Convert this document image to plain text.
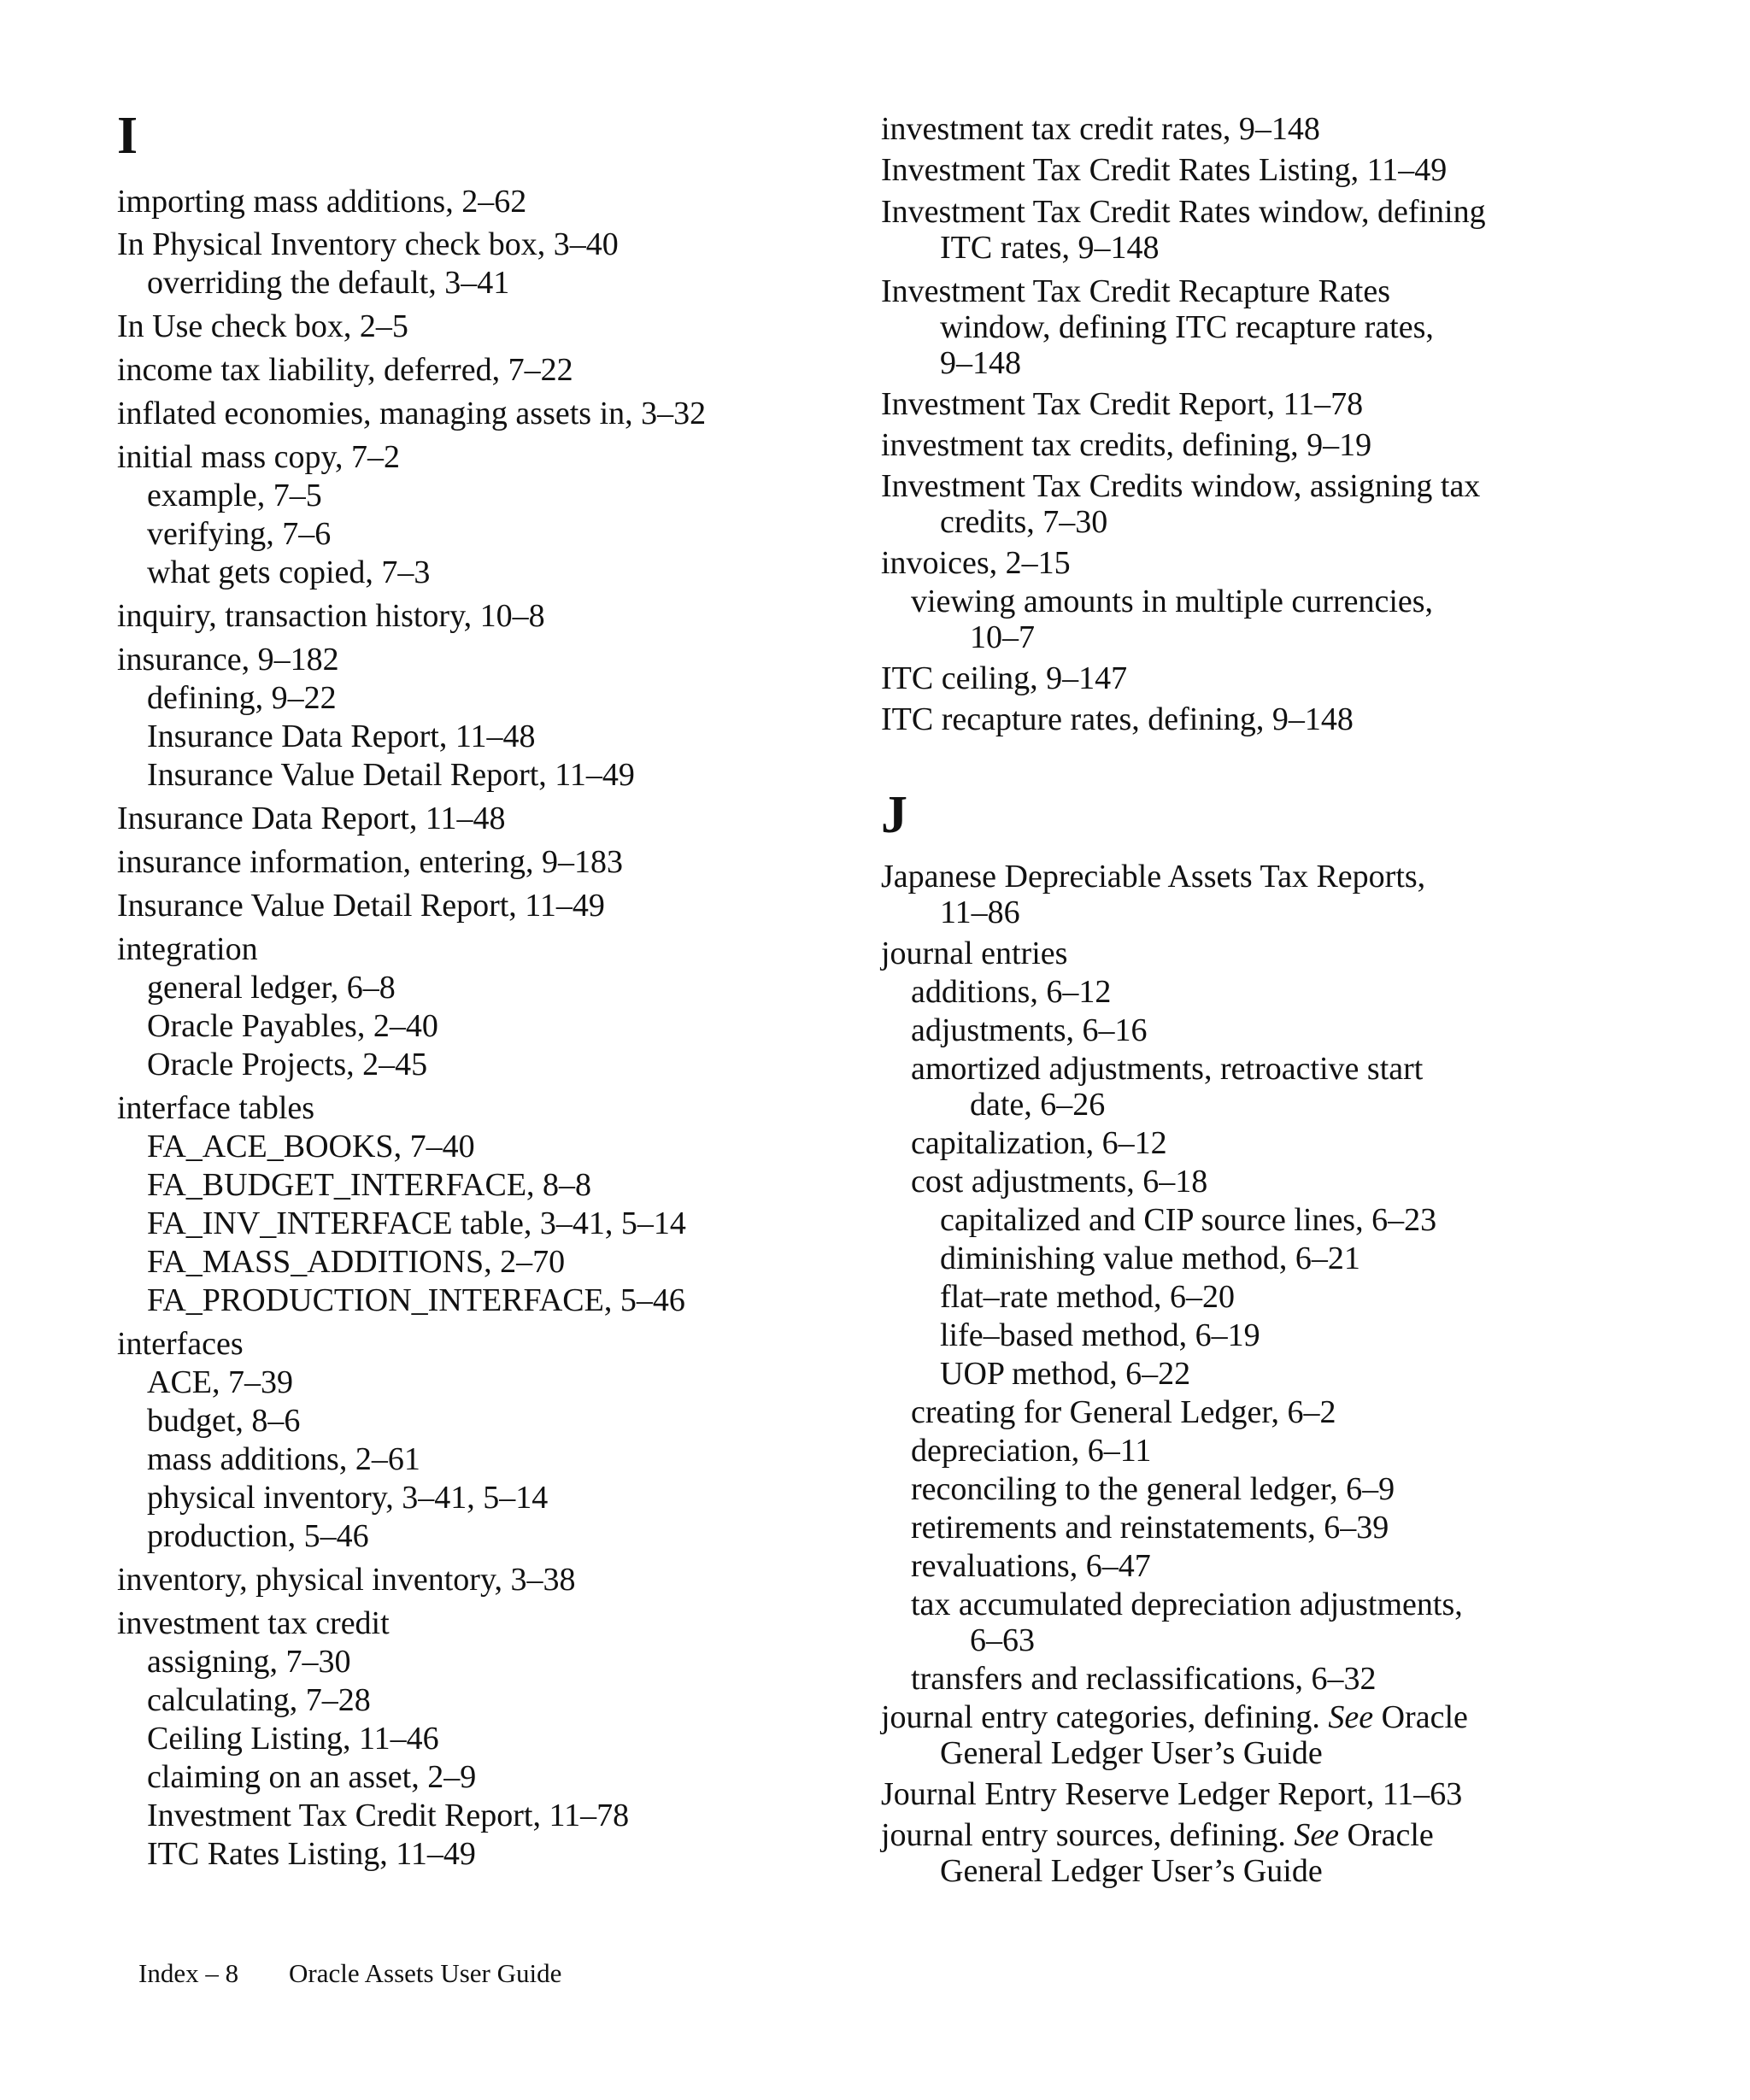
I
importing mass additions, 2–62
In Physical Inventory check box, 3–40
overriding the default, 3–41
In Use check box, 2–5
income tax liability, deferred, 7–22
inflated economies, managing assets in, 3–32
initial mass copy, 7–2
example, 7–5
verifying, 7–6
what gets copied, 7–3
inquiry, transaction history, 10–8
insurance, 9–182
defining, 9–22
Insurance Data Report, 11–48
Insurance Value Detail Report, 11–49
Insurance Data Report, 11–48
insurance information, entering, 9–183
Insurance Value Detail Report, 11–49
integration
general ledger, 6–8
Oracle Payables, 2–40
Oracle Projects, 2–45
interface tables
FA_ACE_BOOKS, 7–40
FA_BUDGET_INTERFACE, 8–8
FA_INV_INTERFACE table, 3–41, 5–14
FA_MASS_ADDITIONS, 2–70
FA_PRODUCTION_INTERFACE, 5–46
interfaces
ACE, 7–39
budget, 8–6
mass additions, 2–61
physical inventory, 3–41, 5–14
production, 5–46
inventory, physical inventory, 3–38
investment tax credit
assigning, 7–30
calculating, 7–28
Ceiling Listing, 11–46
claiming on an asset, 2–9
Investment Tax Credit Report, 11–78
ITC Rates Listing, 11–49
investment tax credit rates, 9–148
Investment Tax Credit Rates Listing, 11–49
Investment Tax Credit Rates window, defining
ITC rates, 9–148
Investment Tax Credit Recapture Rates
window, defining ITC recapture rates,
9–148
Investment Tax Credit Report, 11–78
investment tax credits, defining, 9–19
Investment Tax Credits window, assigning tax
credits, 7–30
invoices, 2–15
viewing amounts in multiple currencies,
10–7
ITC ceiling, 9–147
ITC recapture rates, defining, 9–148
J
Japanese Depreciable Assets Tax Reports,
11–86
journal entries
additions, 6–12
adjustments, 6–16
amortized adjustments, retroactive start
date, 6–26
capitalization, 6–12
cost adjustments, 6–18
capitalized and CIP source lines, 6–23
diminishing value method, 6–21
flat–rate method, 6–20
life–based method, 6–19
UOP method, 6–22
creating for General Ledger, 6–2
depreciation, 6–11
reconciling to the general ledger, 6–9
retirements and reinstatements, 6–39
revaluations, 6–47
tax accumulated depreciation adjustments,
6–63
transfers and reclassifications, 6–32
journal entry categories, defining. See Oracle
General Ledger User’s Guide
Journal Entry Reserve Ledger Report, 11–63
journal entry sources, defining. See Oracle
General Ledger User’s Guide
Index – 8 Oracle Assets User Guide
